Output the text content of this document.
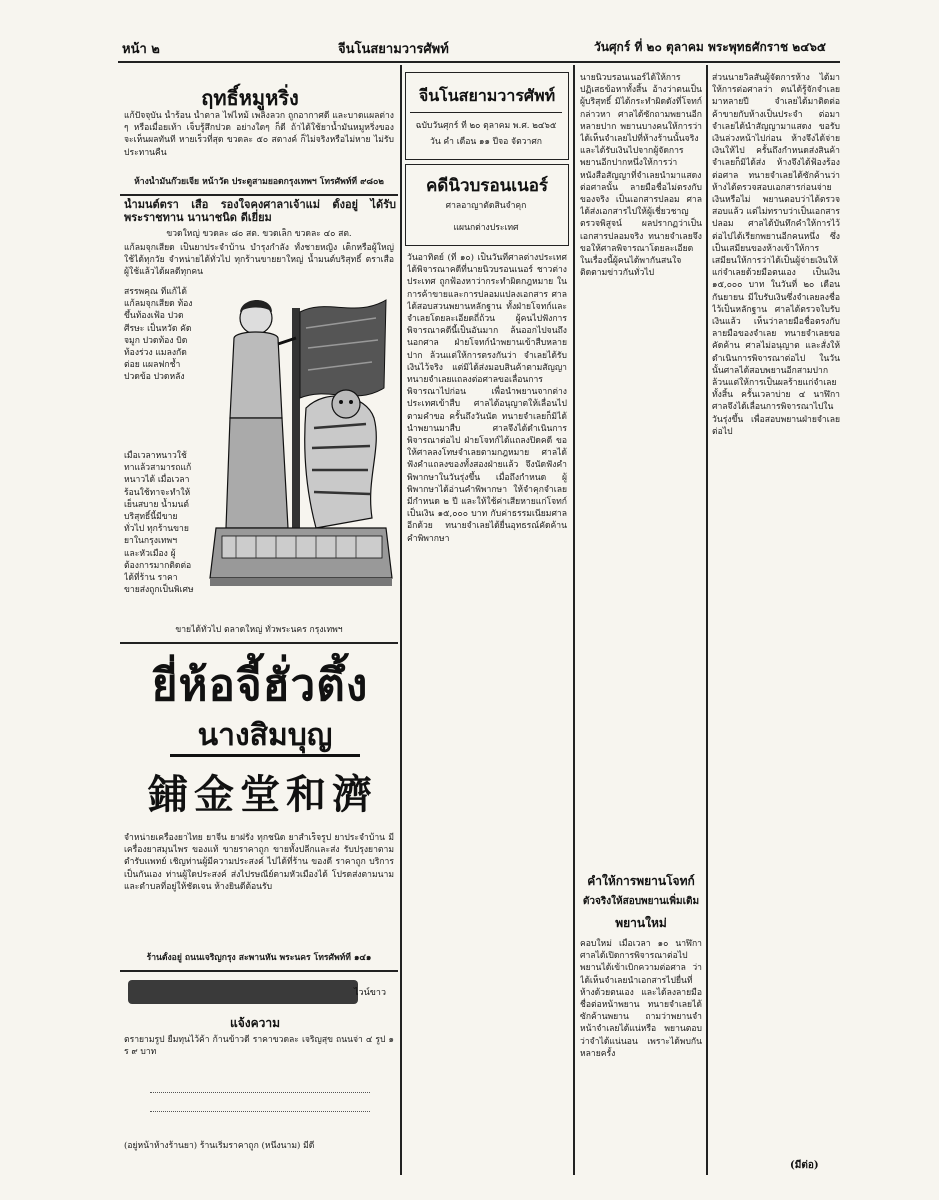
หน้า ๒	จีนโนสยามวารศัพท์	วันศุกร์ ที่ ๒๐ ตุลาคม พระพุทธศักราช ๒๔๖๕
ฤทธิ์หมูหริ่ง
แก้ปัจจุบัน น้ำร้อน น้ำตาล ไฟไหม้ เพลิงลวก ถูกอากาศดี และบาดแผลต่าง ๆ หรือเมื่อยเท้า เจ็บรู้สึกปวด อย่างใดๆ ก็ดี ถ้าได้ใช้ยาน้ำมันหมูหริ่งของ จะเห็นผลทันที หายเร็วที่สุด ขวดละ ๕๐ สตางค์ ก็ไม่จริงหรือไม่หาย ไม่รับประทานคืน
ห้างน้ำมันก๊วยเจีย หน้าวัด ประตูสามยอดกรุงเทพฯ โทรศัพท์ที่ ๙๘๐๒
น้ำมนต์ตรา เสือ รองใจคงศาลาเจ้าแม่ ตั้งอยู่ ได้รับพระราชทาน นานาชนิด ดีเยี่ยม
ขวดใหญ่ ขวดละ ๘๐ สต. ขวดเล็ก ขวดละ ๔๐ สต.
แก้ลมจุกเสียด เป็นยาประจำบ้าน บำรุงกำลัง ทั้งชายหญิง เด็กหรือผู้ใหญ่ ใช้ได้ทุกวัย จำหน่ายได้ทั่วไป ทุกร้านขายยาใหญ่ น้ำมนต์บริสุทธิ์ ตราเสือ ผู้ใช้แล้วได้ผลดีทุกคน
สรรพคุณ ที่แก้ได้ แก้ลมจุกเสียด ท้องขึ้นท้องเฟ้อ ปวดศีรษะ เป็นหวัด คัดจมูก ปวดท้อง บิด ท้องร่วง แมลงกัดต่อย แผลฟกช้ำ ปวดข้อ ปวดหลัง
เมื่อเวลาหนาวใช้ทาแล้วสามารถแก้หนาวได้ เมื่อเวลาร้อนใช้ทาจะทำให้เย็นสบาย น้ำมนต์บริสุทธิ์นี้มีขายทั่วไป ทุกร้านขายยาในกรุงเทพฯ และหัวเมือง ผู้ต้องการมากติดต่อได้ที่ร้าน ราคาขายส่งถูกเป็นพิเศษ
ขายได้ทั่วไป ตลาดใหญ่ ทั่วพระนคร กรุงเทพฯ
ยี่ห้อจี้ฮั่วตึ้ง
นางสิมบุญ
鋪金堂和濟
จำหน่ายเครื่องยาไทย ยาจีน ยาฝรั่ง ทุกชนิด ยาสำเร็จรูป ยาประจำบ้าน มีเครื่องยาสมุนไพร ของแท้ ขายราคาถูก ขายทั้งปลีกและส่ง รับปรุงยาตามตำรับแพทย์ เชิญท่านผู้มีความประสงค์ ไปได้ที่ร้าน ของดี ราคาถูก บริการเป็นกันเอง ท่านผู้ใดประสงค์ ส่งไปรษณีย์ตามหัวเมืองได้ โปรดส่งตามนามและตำบลที่อยู่ให้ชัดเจน ห้างยินดีต้อนรับ
ร้านตั้งอยู่ ถนนเจริญกรุง สะพานหัน พระนคร โทรศัพท์ที่ ๑๔๑
ไวน์ขาว
แจ้งความ
ตรายามรูป ยืมทุนไว้ค้า ก้านข้าวดี ราคาขวดละ เจริญสุข ถนนจ่า ๔ รูป ๑ ร ๙ บาท
(อยู่หน้าห้างร้านยา) ร้านเริ่มราคาถูก (หนึ่งนาม) มีดี
จีนโนสยามวารศัพท์
ฉบับวันศุกร์ ที่ ๒๐ ตุลาคม พ.ศ. ๒๔๖๕
วัน ค่ำ เดือน ๑๑ ปีจอ จัตวาศก
คดีนิวบรอนเนอร์
ศาลอาญาตัดสินจำคุก
แผนกต่างประเทศ
วันอาทิตย์ (ที่ ๑๐) เป็นวันที่ศาลต่างประเทศ ได้พิจารณาคดีที่นายนิวบรอนเนอร์ ชาวต่างประเทศ ถูกฟ้องหาว่ากระทำผิดกฎหมาย ในการค้าขายและการปลอมแปลงเอกสาร ศาลได้สอบสวนพยานหลักฐาน ทั้งฝ่ายโจทก์และจำเลยโดยละเอียดถี่ถ้วน ผู้คนไปฟังการพิจารณาคดีนี้เป็นอันมาก ล้นออกไปจนถึงนอกศาล ฝ่ายโจทก์นำพยานเข้าสืบหลายปาก ล้วนแต่ให้การตรงกันว่า จำเลยได้รับเงินไว้จริง แต่มิได้ส่งมอบสินค้าตามสัญญา ทนายจำเลยแถลงต่อศาลขอเลื่อนการพิจารณาไปก่อน เพื่อนำพยานจากต่างประเทศเข้าสืบ ศาลได้อนุญาตให้เลื่อนไปตามคำขอ ครั้นถึงวันนัด ทนายจำเลยก็มิได้นำพยานมาสืบ ศาลจึงได้ดำเนินการพิจารณาต่อไป ฝ่ายโจทก์ได้แถลงปิดคดี ขอให้ศาลลงโทษจำเลยตามกฎหมาย ศาลได้ฟังคำแถลงของทั้งสองฝ่ายแล้ว จึงนัดฟังคำพิพากษาในวันรุ่งขึ้น เมื่อถึงกำหนด ผู้พิพากษาได้อ่านคำพิพากษา ให้จำคุกจำเลยมีกำหนด ๒ ปี และให้ใช้ค่าเสียหายแก่โจทก์เป็นเงิน ๑๕,๐๐๐ บาท กับค่าธรรมเนียมศาลอีกด้วย ทนายจำเลยได้ยื่นอุทธรณ์คัดค้านคำพิพากษา
นายนิวบรอนเนอร์ได้ให้การปฏิเสธข้อหาทั้งสิ้น อ้างว่าตนเป็นผู้บริสุทธิ์ มิได้กระทำผิดดังที่โจทก์กล่าวหา ศาลได้ซักถามพยานอีกหลายปาก พยานบางคนให้การว่า ได้เห็นจำเลยไปที่ห้างร้านนั้นจริง และได้รับเงินไปจากผู้จัดการ พยานอีกปากหนึ่งให้การว่า หนังสือสัญญาที่จำเลยนำมาแสดงต่อศาลนั้น ลายมือชื่อไม่ตรงกับของจริง เป็นเอกสารปลอม ศาลได้ส่งเอกสารไปให้ผู้เชี่ยวชาญตรวจพิสูจน์ ผลปรากฏว่าเป็นเอกสารปลอมจริง ทนายจำเลยจึงขอให้ศาลพิจารณาโดยละเอียด ในเรื่องนี้ผู้คนได้พากันสนใจติดตามข่าวกันทั่วไป
คำให้การพยานโจทก์
ตัวจริงให้สอบพยานเพิ่มเติม
พยานใหม่
คอบใหม่ เมื่อเวลา ๑๐ นาฬิกา ศาลได้เปิดการพิจารณาต่อไป พยานได้เข้าเบิกความต่อศาล ว่าได้เห็นจำเลยนำเอกสารไปยื่นที่ห้างด้วยตนเอง และได้ลงลายมือชื่อต่อหน้าพยาน ทนายจำเลยได้ซักค้านพยาน ถามว่าพยานจำหน้าจำเลยได้แน่หรือ พยานตอบว่าจำได้แน่นอน เพราะได้พบกันหลายครั้ง
ส่วนนายวิลสันผู้จัดการห้าง ได้มาให้การต่อศาลว่า ตนได้รู้จักจำเลยมาหลายปี จำเลยได้มาติดต่อค้าขายกับห้างเป็นประจำ ต่อมาจำเลยได้นำสัญญามาแสดง ขอรับเงินล่วงหน้าไปก่อน ห้างจึงได้จ่ายเงินให้ไป ครั้นถึงกำหนดส่งสินค้า จำเลยก็มิได้ส่ง ห้างจึงได้ฟ้องร้องต่อศาล ทนายจำเลยได้ซักค้านว่าห้างได้ตรวจสอบเอกสารก่อนจ่ายเงินหรือไม่ พยานตอบว่าได้ตรวจสอบแล้ว แต่ไม่ทราบว่าเป็นเอกสารปลอม ศาลได้บันทึกคำให้การไว้ ต่อไปได้เรียกพยานอีกคนหนึ่ง ซึ่งเป็นเสมียนของห้างเข้าให้การ เสมียนให้การว่าได้เป็นผู้จ่ายเงินให้แก่จำเลยด้วยมือตนเอง เป็นเงิน ๑๕,๐๐๐ บาท ในวันที่ ๒๐ เดือนกันยายน มีใบรับเงินซึ่งจำเลยลงชื่อไว้เป็นหลักฐาน ศาลได้ตรวจใบรับเงินแล้ว เห็นว่าลายมือชื่อตรงกับลายมือของจำเลย ทนายจำเลยขอคัดค้าน ศาลไม่อนุญาต และสั่งให้ดำเนินการพิจารณาต่อไป ในวันนั้นศาลได้สอบพยานอีกสามปาก ล้วนแต่ให้การเป็นผลร้ายแก่จำเลยทั้งสิ้น ครั้นเวลาบ่าย ๔ นาฬิกา ศาลจึงได้เลื่อนการพิจารณาไปในวันรุ่งขึ้น เพื่อสอบพยานฝ่ายจำเลยต่อไป
(มีต่อ)
